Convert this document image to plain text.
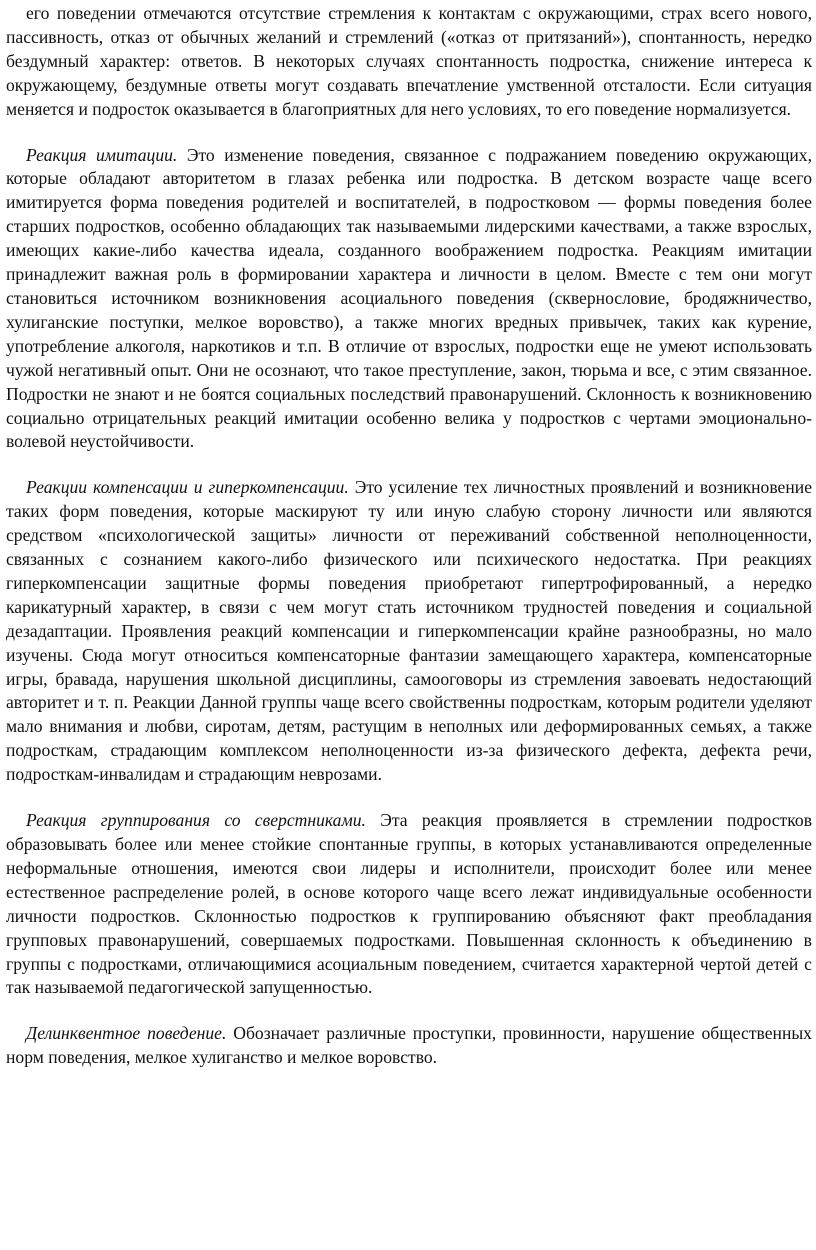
его поведении отмечаются отсутствие стремления к контактам с окружающими, страх всего нового, пассивность, отказ от обычных желаний и стремлений («отказ от притязаний»), спонтанность, нередко бездумный характер: ответов. В некоторых случаях спонтанность подростка, снижение интереса к окружающему, бездумные ответы могут создавать впечатление умственной отсталости. Если ситуация меняется и подросток оказывается в благоприятных для него условиях, то его поведение нормализуется.

Реакция имитации. Это изменение поведения, связанное с подражанием поведению окружающих, которые обладают авторитетом в глазах ребенка или подростка. В детском возрасте чаще всего имитируется форма поведения родителей и воспитателей, в подростковом — формы поведения более старших подростков, особенно обладающих так называемыми лидерскими качествами, а также взрослых, имеющих какие-либо качества идеала, созданного воображением подростка. Реакциям имитации принадлежит важная роль в формировании характера и личности в целом. Вместе с тем они могут становиться источником возникновения асоциального поведения (сквернословие, бродяжничество, хулиганские поступки, мелкое воровство), а также многих вредных привычек, таких как курение, употребление алкоголя, наркотиков и т.п. В отличие от взрослых, подростки еще не умеют использовать чужой негативный опыт. Они не осознают, что такое преступление, закон, тюрьма и все, с этим связанное. Подростки не знают и не боятся социальных последствий правонарушений. Склонность к возникновению социально отрицательных реакций имитации особенно велика у подростков с чертами эмоционально-волевой неустойчивости.

Реакции компенсации и гиперкомпенсации. Это усиление тех личностных проявлений и возникновение таких форм поведения, которые маскируют ту или иную слабую сторону личности или являются средством «психологической защиты» личности от переживаний собственной неполноценности, связанных с сознанием какого-либо физического или психического недостатка. При реакциях гиперкомпенсации защитные формы поведения приобретают гипертрофированный, а нередко карикатурный характер, в связи с чем могут стать источником трудностей поведения и социальной дезадаптации. Проявления реакций компенсации и гиперкомпенсации крайне разнообразны, но мало изучены. Сюда могут относиться компенсаторные фантазии замещающего характера, компенсаторные игры, бравада, нарушения школьной дисциплины, самооговоры из стремления завоевать недостающий авторитет и т. п. Реакции Данной группы чаще всего свойственны подросткам, которым родители уделяют мало внимания и любви, сиротам, детям, растущим в неполных или деформированных семьях, а также подросткам, страдающим комплексом неполноценности из-за физического дефекта, дефекта речи, подросткам-инвалидам и страдающим неврозами.

Реакция группирования со сверстниками. Эта реакция проявляется в стремлении подростков образовывать более или менее стойкие спонтанные группы, в которых устанавливаются определенные неформальные отношения, имеются свои лидеры и исполнители, происходит более или менее естественное распределение ролей, в основе которого чаще всего лежат индивидуальные особенности личности подростков. Склонностью подростков к группированию объясняют факт преобладания групповых правонарушений, совершаемых подростками. Повышенная склонность к объединению в группы с подростками, отличающимися асоциальным поведением, считается характерной чертой детей с так называемой педагогической запущенностью.

Делинквентное поведение. Обозначает различные проступки, провинности, нарушение общественных норм поведения, мелкое хулиганство и мелкое воровство.
